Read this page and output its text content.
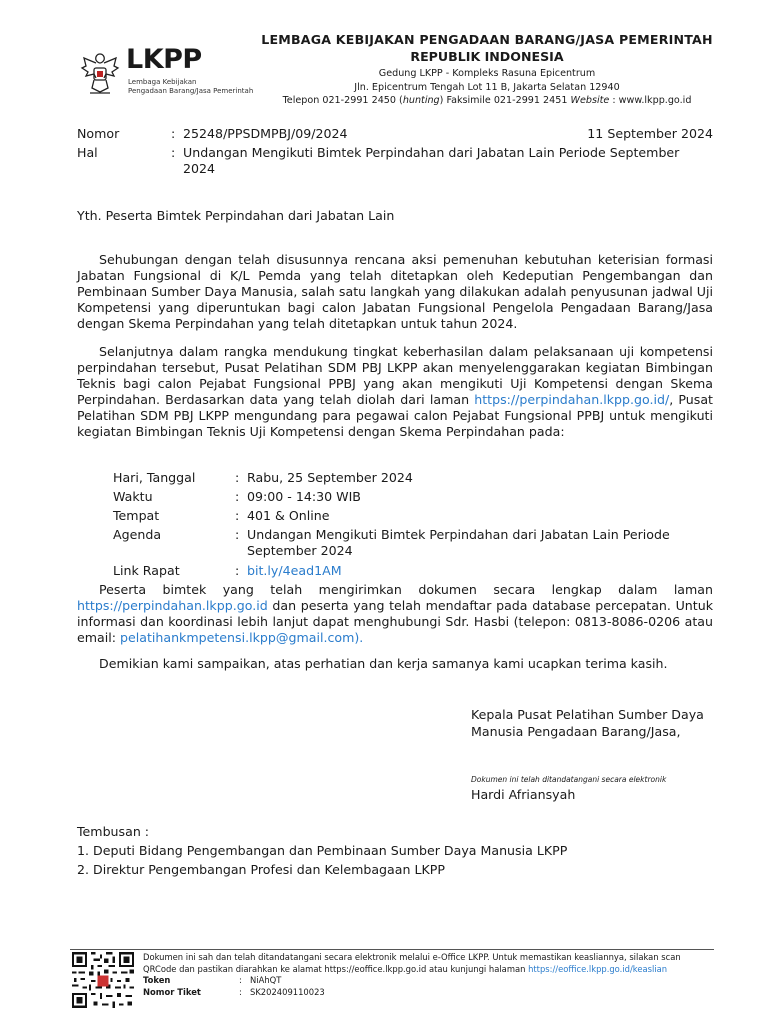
LKPP
Lembaga Kebijakan
Pengadaan Barang/Jasa Pemerintah
LEMBAGA KEBIJAKAN PENGADAAN BARANG/JASA PEMERINTAH
REPUBLIK INDONESIA
Gedung LKPP - Kompleks Rasuna Epicentrum
Jln. Epicentrum Tengah Lot 11 B, Jakarta Selatan 12940
Telepon 021-2991 2450 (hunting) Faksimile 021-2991 2451 Website : www.lkpp.go.id
Nomor	: 25248/PPSDMPBJ/09/2024	11 September 2024
Hal	: Undangan Mengikuti Bimtek Perpindahan dari Jabatan Lain Periode September 2024
Yth. Peserta Bimtek Perpindahan dari Jabatan Lain
Sehubungan dengan telah disusunnya rencana aksi pemenuhan kebutuhan keterisian formasi Jabatan Fungsional di K/L Pemda yang telah ditetapkan oleh Kedeputian Pengembangan dan Pembinaan Sumber Daya Manusia, salah satu langkah yang dilakukan adalah penyusunan jadwal Uji Kompetensi yang diperuntukan bagi calon Jabatan Fungsional Pengelola Pengadaan Barang/Jasa dengan Skema Perpindahan yang telah ditetapkan untuk tahun 2024.
Selanjutnya dalam rangka mendukung tingkat keberhasilan dalam pelaksanaan uji kompetensi perpindahan tersebut, Pusat Pelatihan SDM PBJ LKPP akan menyelenggarakan kegiatan Bimbingan Teknis bagi calon Pejabat Fungsional PPBJ yang akan mengikuti Uji Kompetensi dengan Skema Perpindahan. Berdasarkan data yang telah diolah dari laman https://perpindahan.lkpp.go.id/, Pusat Pelatihan SDM PBJ LKPP mengundang para pegawai calon Pejabat Fungsional PPBJ untuk mengikuti kegiatan Bimbingan Teknis Uji Kompetensi dengan Skema Perpindahan pada:
Hari, Tanggal	: Rabu, 25 September 2024
Waktu	: 09:00 - 14:30 WIB
Tempat	: 401 & Online
Agenda	: Undangan Mengikuti Bimtek Perpindahan dari Jabatan Lain Periode September 2024
Link Rapat	: bit.ly/4ead1AM
Peserta bimtek yang telah mengirimkan dokumen secara lengkap dalam laman https://perpindahan.lkpp.go.id dan peserta yang telah mendaftar pada database percepatan. Untuk informasi dan koordinasi lebih lanjut dapat menghubungi Sdr. Hasbi (telepon: 0813-8086-0206 atau email: pelatihankmpetensi.lkpp@gmail.com).
Demikian kami sampaikan, atas perhatian dan kerja samanya kami ucapkan terima kasih.
Kepala Pusat Pelatihan Sumber Daya Manusia Pengadaan Barang/Jasa,
Dokumen ini telah ditandatangani secara elektronik
Hardi Afriansyah
Tembusan :
1. Deputi Bidang Pengembangan dan Pembinaan Sumber Daya Manusia LKPP
2. Direktur Pengembangan Profesi dan Kelembagaan LKPP
Dokumen ini sah dan telah ditandatangani secara elektronik melalui e-Office LKPP. Untuk memastikan keasliannya, silakan scan
QRCode dan pastikan diarahkan ke alamat https://eoffice.lkpp.go.id atau kunjungi halaman https://eoffice.lkpp.go.id/keaslian
Token	: NiAhQT
Nomor Tiket	: SK202409110023
